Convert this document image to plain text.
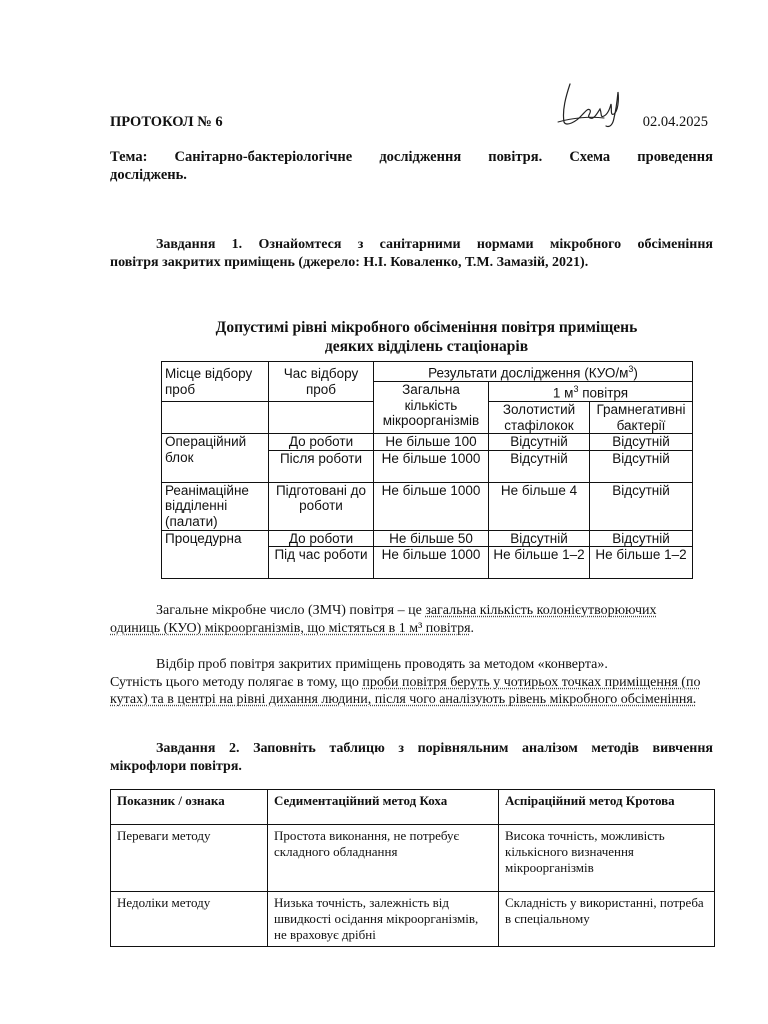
ПРОТОКОЛ № 6	02.04.2025
Тема: Санітарно-бактеріологічне дослідження повітря. Схема проведення
досліджень.
Завдання 1. Ознайомтеся з санітарними нормами мікробного обсіменіння
повітря закритих приміщень (джерело: Н.І. Коваленко, Т.М. Замазій, 2021).
Допустимі рівні мікробного обсіменіння повітря приміщень
деяких відділень стаціонарів
Місце відбору проб	Час відбору проб	Результати дослідження $(КУО/м^3)$		
		Загальна кількість мікроорганізмів	1 $м^3$ повітря	
			Золотистий стафілокок	Грамнегативні бактерії
Операційний блок	До роботи	Не більше 100	Відсутній	Відсутній
	Після роботи	Не більше 1000	Відсутній	Відсутній
Реанімаційне відділенні (палати)	Підготовані до роботи	Не більше 1000	Не більше 4	Відсутній
Процедурна	До роботи	Не більше 50	Відсутній	Відсутній
	Під час роботи	Не більше 1000	Не більше 1–2	Не більше 1–2
Загальне мікробне число (ЗМЧ) повітря – це загальна кількість колонієутворюючих
одиниць (КУО) мікроорганізмів, що містяться в 1 м³ повітря.
Відбір проб повітря закритих приміщень проводять за методом «конверта».
Сутність цього методу полягає в тому, що проби повітря беруть у чотирьох точках приміщення (по кутах) та в центрі на рівні дихання людини, після чого аналізують рівень мікробного обсіменіння.
Завдання 2. Заповніть таблицю з порівняльним аналізом методів вивчення
мікрофлори повітря.
Показник / ознака	Седиментаційний метод Коха	Аспіраційний метод Кротова
Переваги методу	Простота виконання, не потребує складного обладнання	Висока точність, можливість кількісного визначення мікроорганізмів
Недоліки методу	Низька точність, залежність від швидкості осідання мікроорганізмів, не враховує дрібні	Складність у використанні, потреба в спеціальному
